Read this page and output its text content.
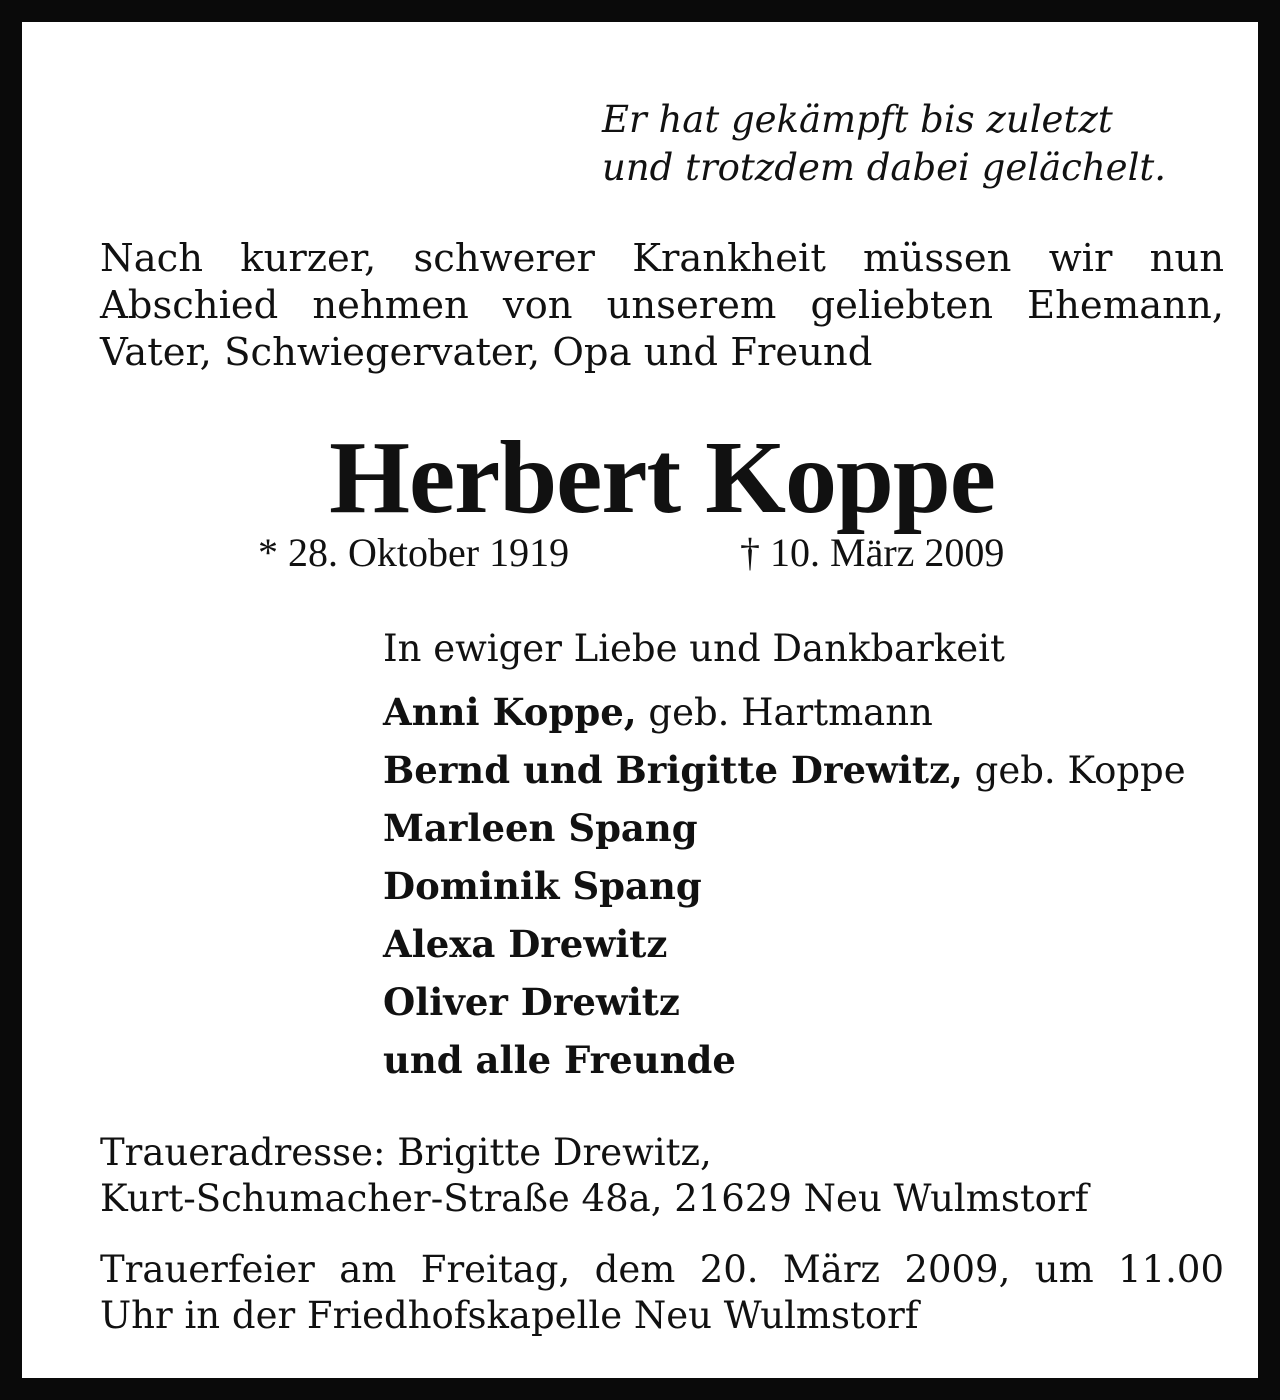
Er hat gekämpft bis zuletzt
und trotzdem dabei gelächelt.
Nach kurzer, schwerer Krankheit müssen wir nun
Abschied nehmen von unserem geliebten Ehemann,
Vater, Schwiegervater, Opa und Freund
Herbert Koppe
* 28. Oktober 1919	† 10. März 2009
In ewiger Liebe und Dankbarkeit
Anni Koppe, geb. Hartmann
Bernd und Brigitte Drewitz, geb. Koppe
Marleen Spang
Dominik Spang
Alexa Drewitz
Oliver Drewitz
und alle Freunde
Traueradresse: Brigitte Drewitz,
Kurt-Schumacher-Straße 48a, 21629 Neu Wulmstorf
Trauerfeier am Freitag, dem 20. März 2009, um 11.00
Uhr in der Friedhofskapelle Neu Wulmstorf
